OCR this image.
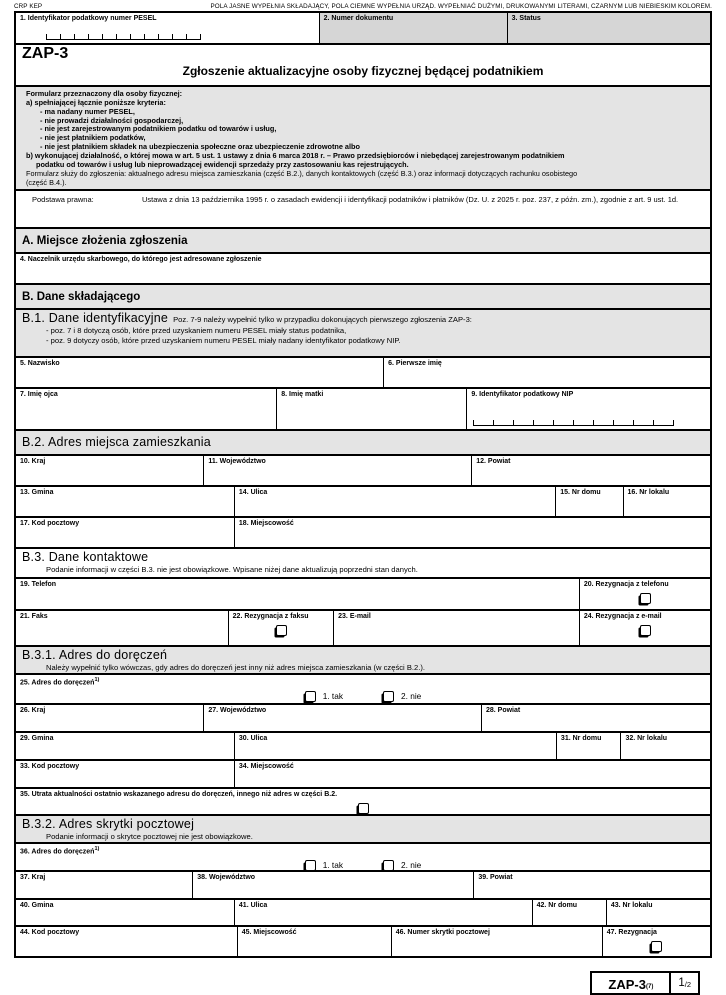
CRP KEP	POLA JASNE WYPEŁNIA SKŁADAJĄCY, POLA CIEMNE WYPEŁNIA URZĄD. WYPEŁNIAĆ DUŻYMI, DRUKOWANYMI LITERAMI, CZARNYM LUB NIEBIESKIM KOLOREM.
1. Identyfikator podatkowy numer PESEL	2. Numer dokumentu	3. Status
ZAP-3
Zgłoszenie aktualizacyjne osoby fizycznej będącej podatnikiem
Formularz przeznaczony dla osoby fizycznej:
a) spełniającej łącznie poniższe kryteria:
- ma nadany numer PESEL,
- nie prowadzi działalności gospodarczej,
- nie jest zarejestrowanym podatnikiem podatku od towarów i usług,
- nie jest płatnikiem podatków,
- nie jest płatnikiem składek na ubezpieczenia społeczne oraz ubezpieczenie zdrowotne albo
b) wykonującej działalność, o której mowa w art. 5 ust. 1 ustawy z dnia 6 marca 2018 r. – Prawo przedsiębiorców i niebędącej zarejestrowanym podatnikiem
podatku od towarów i usług lub nieprowadzącej ewidencji sprzedaży przy zastosowaniu kas rejestrujących.
Formularz służy do zgłoszenia: aktualnego adresu miejsca zamieszkania (część B.2.), danych kontaktowych (część B.3.) oraz informacji dotyczących rachunku osobistego
(część B.4.).
Podstawa prawna:	Ustawa z dnia 13 października 1995 r. o zasadach ewidencji i identyfikacji podatników i płatników (Dz. U. z 2025 r. poz. 237, z późn. zm.), zgodnie z art. 9 ust. 1d.
A. Miejsce złożenia zgłoszenia
4. Naczelnik urzędu skarbowego, do którego jest adresowane zgłoszenie
B. Dane składającego
B.1. Dane identyfikacyjne Poz. 7-9 należy wypełnić tylko w przypadku dokonujących pierwszego zgłoszenia ZAP-3:
- poz. 7 i 8 dotyczą osób, które przed uzyskaniem numeru PESEL miały status podatnika,
- poz. 9 dotyczy osób, które przed uzyskaniem numeru PESEL miały nadany identyfikator podatkowy NIP.
5. Nazwisko	6. Pierwsze imię
7. Imię ojca	8. Imię matki	9. Identyfikator podatkowy NIP
B.2. Adres miejsca zamieszkania
10. Kraj	11. Województwo	12. Powiat
13. Gmina	14. Ulica	15. Nr domu	16. Nr lokalu
17. Kod pocztowy	18. Miejscowość
B.3. Dane kontaktowe
Podanie informacji w części B.3. nie jest obowiązkowe. Wpisane niżej dane aktualizują poprzedni stan danych.
19. Telefon	20. Rezygnacja z telefonu
21. Faks	22. Rezygnacja z faksu	23. E-mail	24. Rezygnacja z e-mail
B.3.1. Adres do doręczeń
Należy wypełnić tylko wówczas, gdy adres do doręczeń jest inny niż adres miejsca zamieszkania (w części B.2.).
25. Adres do doręczeń$^{1)}$
1. tak	2. nie
26. Kraj	27. Województwo	28. Powiat
29. Gmina	30. Ulica	31. Nr domu	32. Nr lokalu
33. Kod pocztowy	34. Miejscowość
35. Utrata aktualności ostatnio wskazanego adresu do doręczeń, innego niż adres w części B.2.
B.3.2. Adres skrytki pocztowej
Podanie informacji o skrytce pocztowej nie jest obowiązkowe.
36. Adres do doręczeń$^{1)}$
1. tak	2. nie
37. Kraj	38. Województwo	39. Powiat
40. Gmina	41. Ulica	42. Nr domu	43. Nr lokalu
44. Kod pocztowy	45. Miejscowość	46. Numer skrytki pocztowej	47. Rezygnacja
ZAP-$3_{(7)}$ 1 /2
